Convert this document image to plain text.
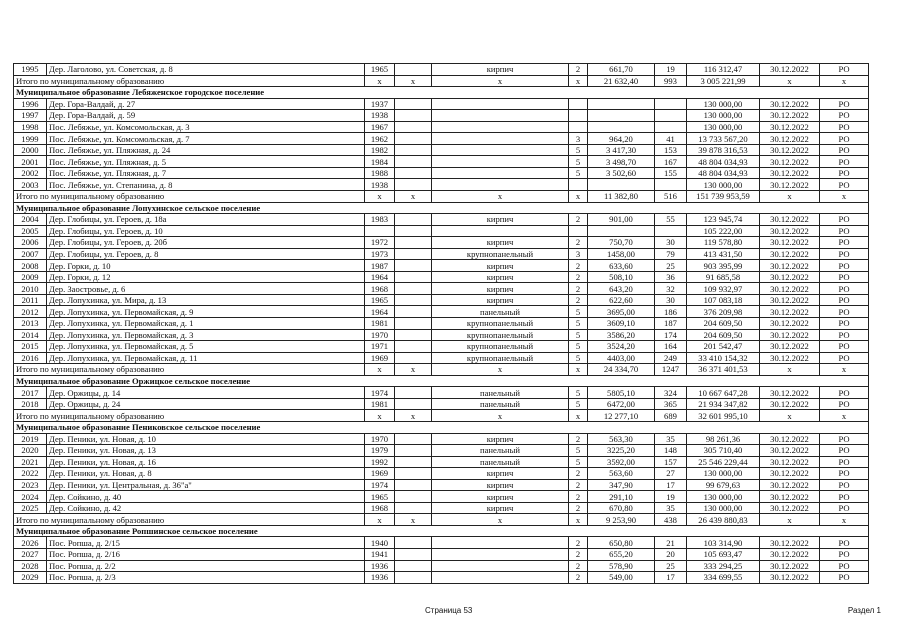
1995	Дер. Лаголово, ул. Советская, д. 8	1965		кирпич	2	661,70	19	116 312,47	30.12.2022	РО
Итого по муниципальному образованию		x	x	x	x	21 632,40	993	3 005 221,99	x	x
Муниципальное образование Лебяженское городское поселение										
1996	Дер. Гора-Валдай, д. 27	1937						130 000,00	30.12.2022	РО
1997	Дер. Гора-Валдай, д. 59	1938						130 000,00	30.12.2022	РО
1998	Пос. Лебяжье, ул. Комсомольская, д. 3	1967						130 000,00	30.12.2022	РО
1999	Пос. Лебяжье, ул. Комсомольская, д. 7	1962			3	964,20	41	13 733 567,20	30.12.2022	РО
2000	Пос. Лебяжье, ул. Пляжная, д. 24	1982			5	3 417,30	153	39 878 316,53	30.12.2022	РО
2001	Пос. Лебяжье, ул. Пляжная, д. 5	1984			5	3 498,70	167	48 804 034,93	30.12.2022	РО
2002	Пос. Лебяжье, ул. Пляжная, д. 7	1988			5	3 502,60	155	48 804 034,93	30.12.2022	РО
2003	Пос. Лебяжье, ул. Степанина, д. 8	1938						130 000,00	30.12.2022	РО
Итого по муниципальному образованию		x	x	x	x	11 382,80	516	151 739 953,59	x	x
Муниципальное образование Лопухинское сельское поселение										
2004	Дер. Глобицы, ул. Героев, д. 18а	1983		кирпич	2	901,00	55	123 945,74	30.12.2022	РО
2005	Дер. Глобицы, ул. Героев, д. 10							105 222,00	30.12.2022	РО
2006	Дер. Глобицы, ул. Героев, д. 20б	1972		кирпич	2	750,70	30	119 578,80	30.12.2022	РО
2007	Дер. Глобицы, ул. Героев, д. 8	1973		крупнопанельный	3	1458,00	79	413 431,50	30.12.2022	РО
2008	Дер. Горки, д. 10	1987		кирпич	2	633,60	25	903 395,99	30.12.2022	РО
2009	Дер. Горки, д. 12	1964		кирпич	2	508,10	36	91 685,58	30.12.2022	РО
2010	Дер. Заостровье, д. 6	1968		кирпич	2	643,20	32	109 932,97	30.12.2022	РО
2011	Дер. Лопухинка, ул. Мира, д. 13	1965		кирпич	2	622,60	30	107 083,18	30.12.2022	РО
2012	Дер. Лопухинка, ул. Первомайская, д. 9	1964		панельный	5	3695,00	186	376 209,98	30.12.2022	РО
2013	Дер. Лопухинка, ул. Первомайская, д. 1	1981		крупнопанельный	5	3609,10	187	204 609,50	30.12.2022	РО
2014	Дер. Лопухинка, ул. Первомайская, д. 3	1970		крупнопанельный	5	3586,20	174	204 609,50	30.12.2022	РО
2015	Дер. Лопухинка, ул. Первомайская, д. 5	1971		крупнопанельный	5	3524,20	164	201 542,47	30.12.2022	РО
2016	Дер. Лопухинка, ул. Первомайская, д. 11	1969		крупнопанельный	5	4403,00	249	33 410 154,32	30.12.2022	РО
Итого по муниципальному образованию		x	x	x	x	24 334,70	1247	36 371 401,53	x	x
Муниципальное образование Оржицкое сельское поселение										
2017	Дер. Оржицы, д. 14	1974		панельный	5	5805,10	324	10 667 647,28	30.12.2022	РО
2018	Дер. Оржицы, д. 24	1981		панельный	5	6472,00	365	21 934 347,82	30.12.2022	РО
Итого по муниципальному образованию		x	x	x	x	12 277,10	689	32 601 995,10	x	x
Муниципальное образование Пениковское сельское поселение										
2019	Дер. Пеники, ул. Новая, д. 10	1970		кирпич	2	563,30	35	98 261,36	30.12.2022	РО
2020	Дер. Пеники, ул. Новая, д. 13	1979		панельный	5	3225,20	148	305 710,40	30.12.2022	РО
2021	Дер. Пеники, ул. Новая, д. 16	1992		панельный	5	3592,00	157	25 546 229,44	30.12.2022	РО
2022	Дер. Пеники, ул. Новая, д. 8	1969		кирпич	2	563,60	27	130 000,00	30.12.2022	РО
2023	Дер. Пеники, ул. Центральная, д. 36"а"	1974		кирпич	2	347,90	17	99 679,63	30.12.2022	РО
2024	Дер. Сойкино, д. 40	1965		кирпич	2	291,10	19	130 000,00	30.12.2022	РО
2025	Дер. Сойкино, д. 42	1968		кирпич	2	670,80	35	130 000,00	30.12.2022	РО
Итого по муниципальному образованию		x	x	x	x	9 253,90	438	26 439 880,83	x	x
Муниципальное образование Ропшинское сельское поселение										
2026	Пос. Ропша, д. 2/15	1940			2	650,80	21	103 314,90	30.12.2022	РО
2027	Пос. Ропша, д. 2/16	1941			2	655,20	20	105 693,47	30.12.2022	РО
2028	Пос. Ропша, д. 2/2	1936			2	578,90	25	333 294,25	30.12.2022	РО
2029	Пос. Ропша, д. 2/3	1936			2	549,00	17	334 699,55	30.12.2022	РО
Страница 53	Раздел 1
